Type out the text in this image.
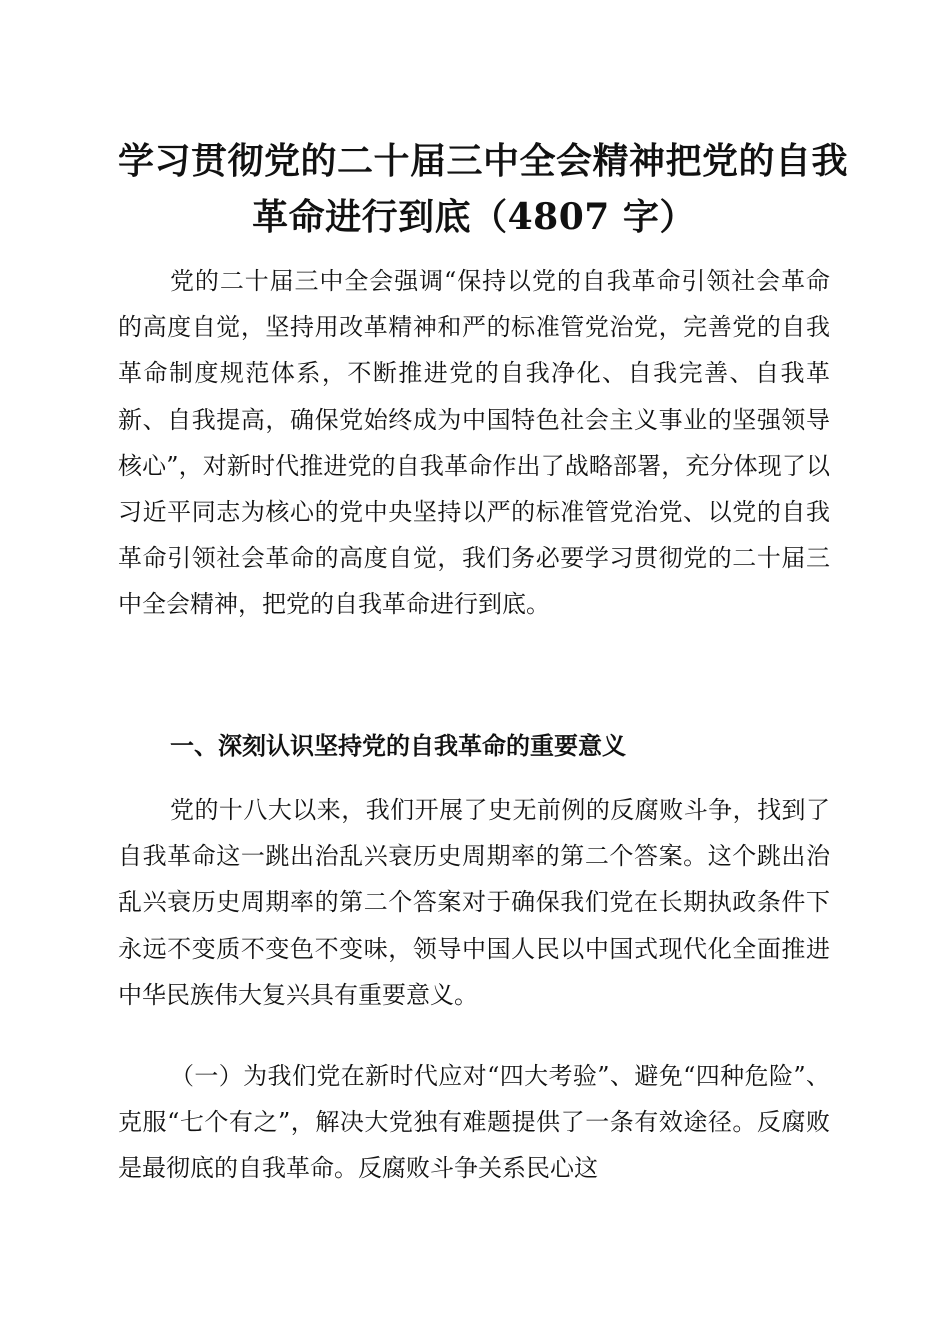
学习贯彻党的二十届三中全会精神把党的自我
革命进行到底（4807 字）

党的二十届三中全会强调“保持以党的自我革命引领社会革命的高度自觉，坚持用改革精神和严的标准管党治党，完善党的自我革命制度规范体系，不断推进党的自我净化、自我完善、自我革新、自我提高，确保党始终成为中国特色社会主义事业的坚强领导核心”，对新时代推进党的自我革命作出了战略部署，充分体现了以习近平同志为核心的党中央坚持以严的标准管党治党、以党的自我革命引领社会革命的高度自觉，我们务必要学习贯彻党的二十届三中全会精神，把党的自我革命进行到底。

一、深刻认识坚持党的自我革命的重要意义

党的十八大以来，我们开展了史无前例的反腐败斗争，找到了自我革命这一跳出治乱兴衰历史周期率的第二个答案。这个跳出治乱兴衰历史周期率的第二个答案对于确保我们党在长期执政条件下永远不变质不变色不变味，领导中国人民以中国式现代化全面推进中华民族伟大复兴具有重要意义。

（一）为我们党在新时代应对“四大考验”、避免“四种危险”、克服“七个有之”，解决大党独有难题提供了一条有效途径。反腐败是最彻底的自我革命。反腐败斗争关系民心这
